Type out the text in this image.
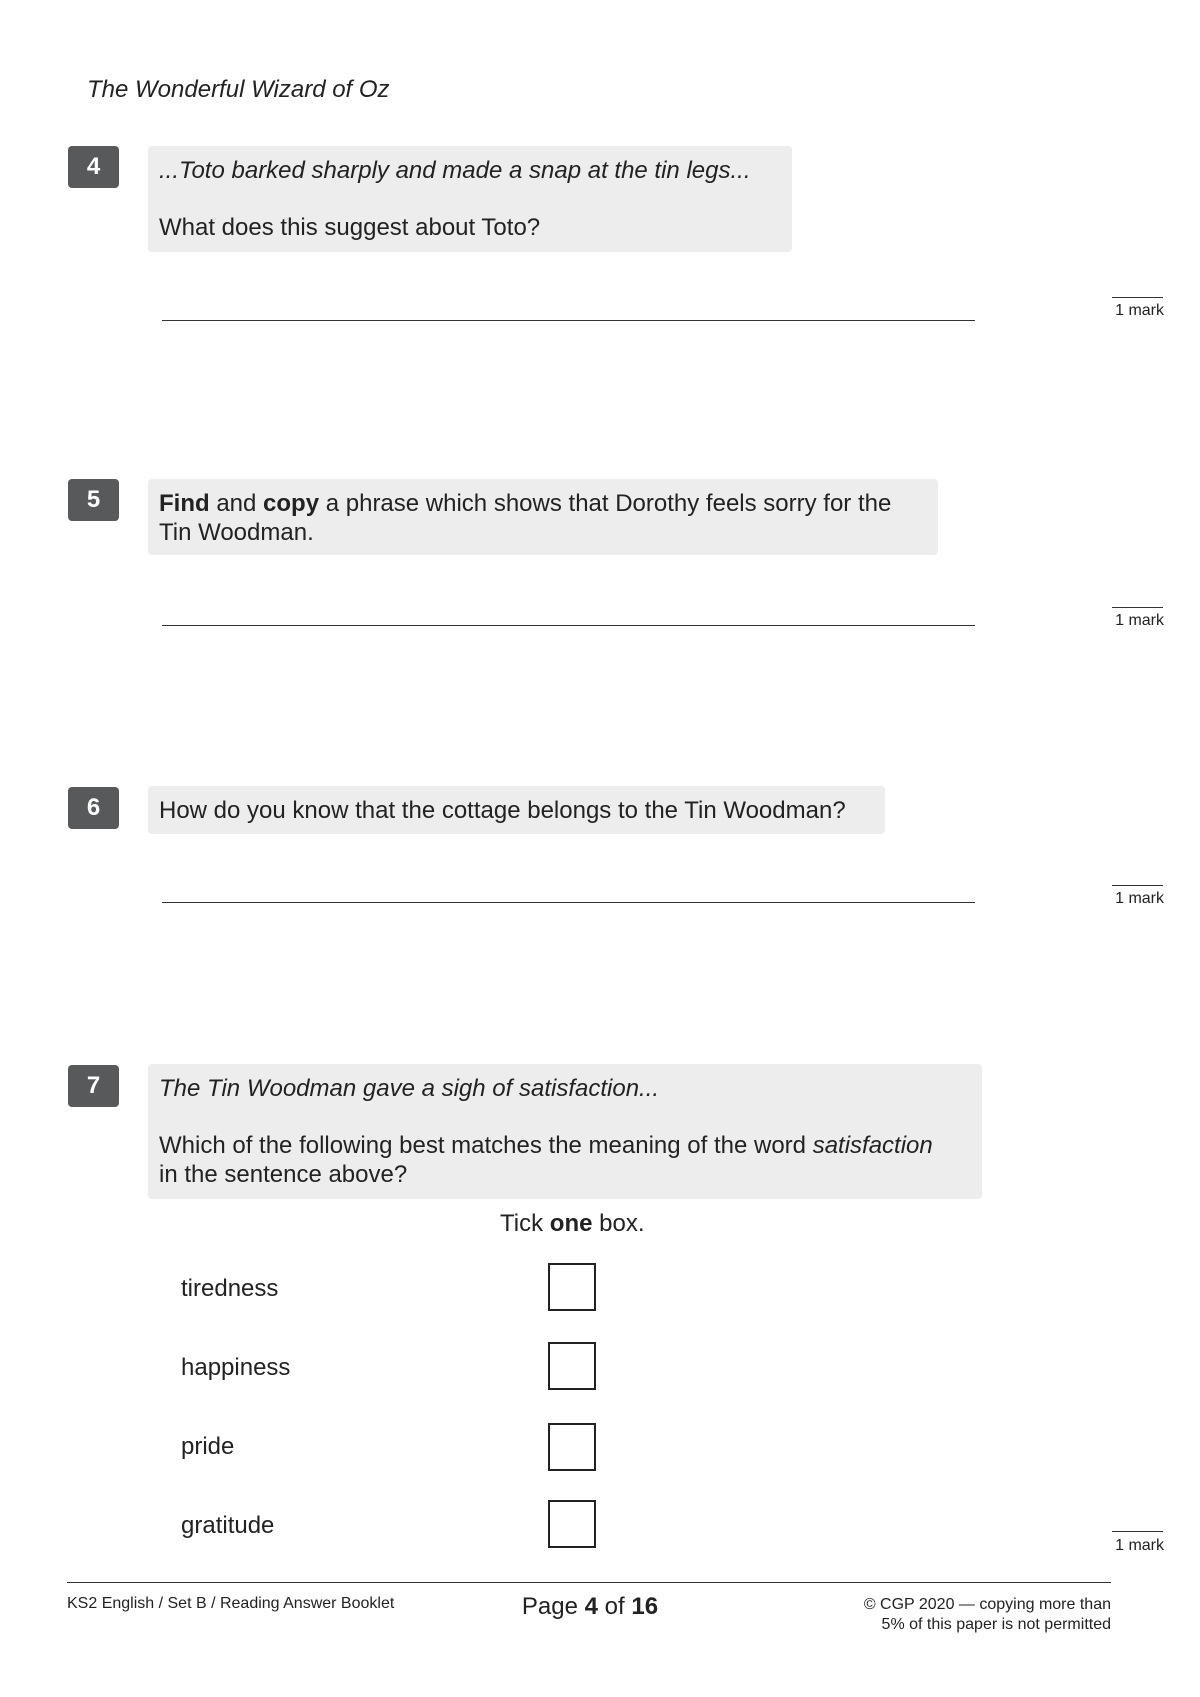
The Wonderful Wizard of Oz
4	...Toto barked sharply and made a snap at the tin legs...

What does this suggest about Toto?

1 mark
5	Find and copy a phrase which shows that Dorothy feels sorry for the

Tin Woodman.

1 mark
6	How do you know that the cottage belongs to the Tin Woodman?

1 mark
7	The Tin Woodman gave a sigh of satisfaction...

Which of the following best matches the meaning of the word satisfaction

in the sentence above?

Tick one box.
tiredness
happiness
pride
gratitude
1 mark
KS2 English / Set B / Reading Answer Booklet	Page 4 of 16	© CGP 2020 — copying more than
5% of this paper is not permitted
